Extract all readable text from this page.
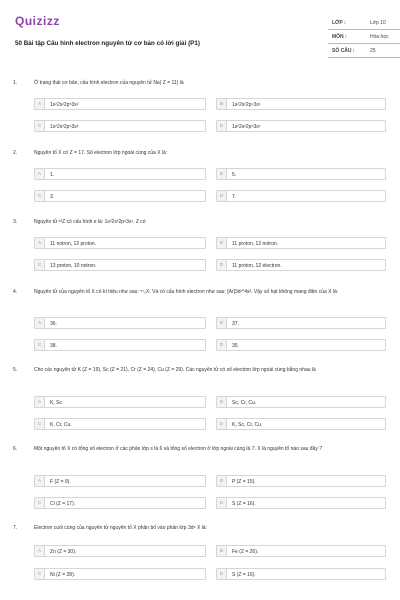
Quizizz
50 Bài tập Cấu hình electron nguyên tử cơ bản có lời giải (P1)
LỚP :	Lớp 10
MÔN :	Hóa học
SỐ CÂU :	25
1.	Ở trạng thái cơ bản, cấu hình electron của nguyên tử Na( Z = 11) là
A	1s²2s²2p⁵3s²	B	1s²2s²2p⁴3s¹
C	1s²2s²2p⁶3s²	D	1s²2s²2p⁶3s¹
2.	Nguyên tố X có Z = 17. Số electron lớp ngoài cùng của X là:
A	1.	B	5.
C	3.	D	7.
3.	Nguyên tử ²³Z có cấu hình e là: 1s²2s²2p⁶3s¹. Z có
A	11 notron, 12 proton.	B	11 proton, 12 notron.
C	13 proton, 10 notron.	D	11 proton, 12 electron.
4.	Nguyên tử của nguyên tố X có kí hiệu như sau: ⁵⁷₂X. Và có cấu hình electron như sau: [Ar]3d¹⁰4s². Vậy số hạt không mang điện của X là:
A	36.	B	37.
C	38.	D	35.
5.	Cho các nguyên tử K (Z = 19), Sc (Z = 21), Cr (Z = 24), Cu (Z = 29). Các nguyên tử có số electron lớp ngoài cùng bằng nhau là
A	K, Sc.	B	Sc, Cr, Cu.
C	K, Cr, Cu.	D	K, Sc, Cr, Cu.
6.	Một nguyên tố X có tổng số electron ở các phân lớp s là 6 và tổng số electron ở lớp ngoài cùng là 7. X là nguyên tố nào sau đây ?
A	F (Z = 9).	B	P (Z = 15).
C	Cl (Z = 17).	D	S (Z = 16).
7.	Electron cuối cùng của nguyên tử nguyên tố X phân bố vào phân lớp 3d⁶ X là:
A	Zn (Z = 30).	B	Fe (Z = 26).
C	Ni (Z = 28).	D	S (Z = 16).
